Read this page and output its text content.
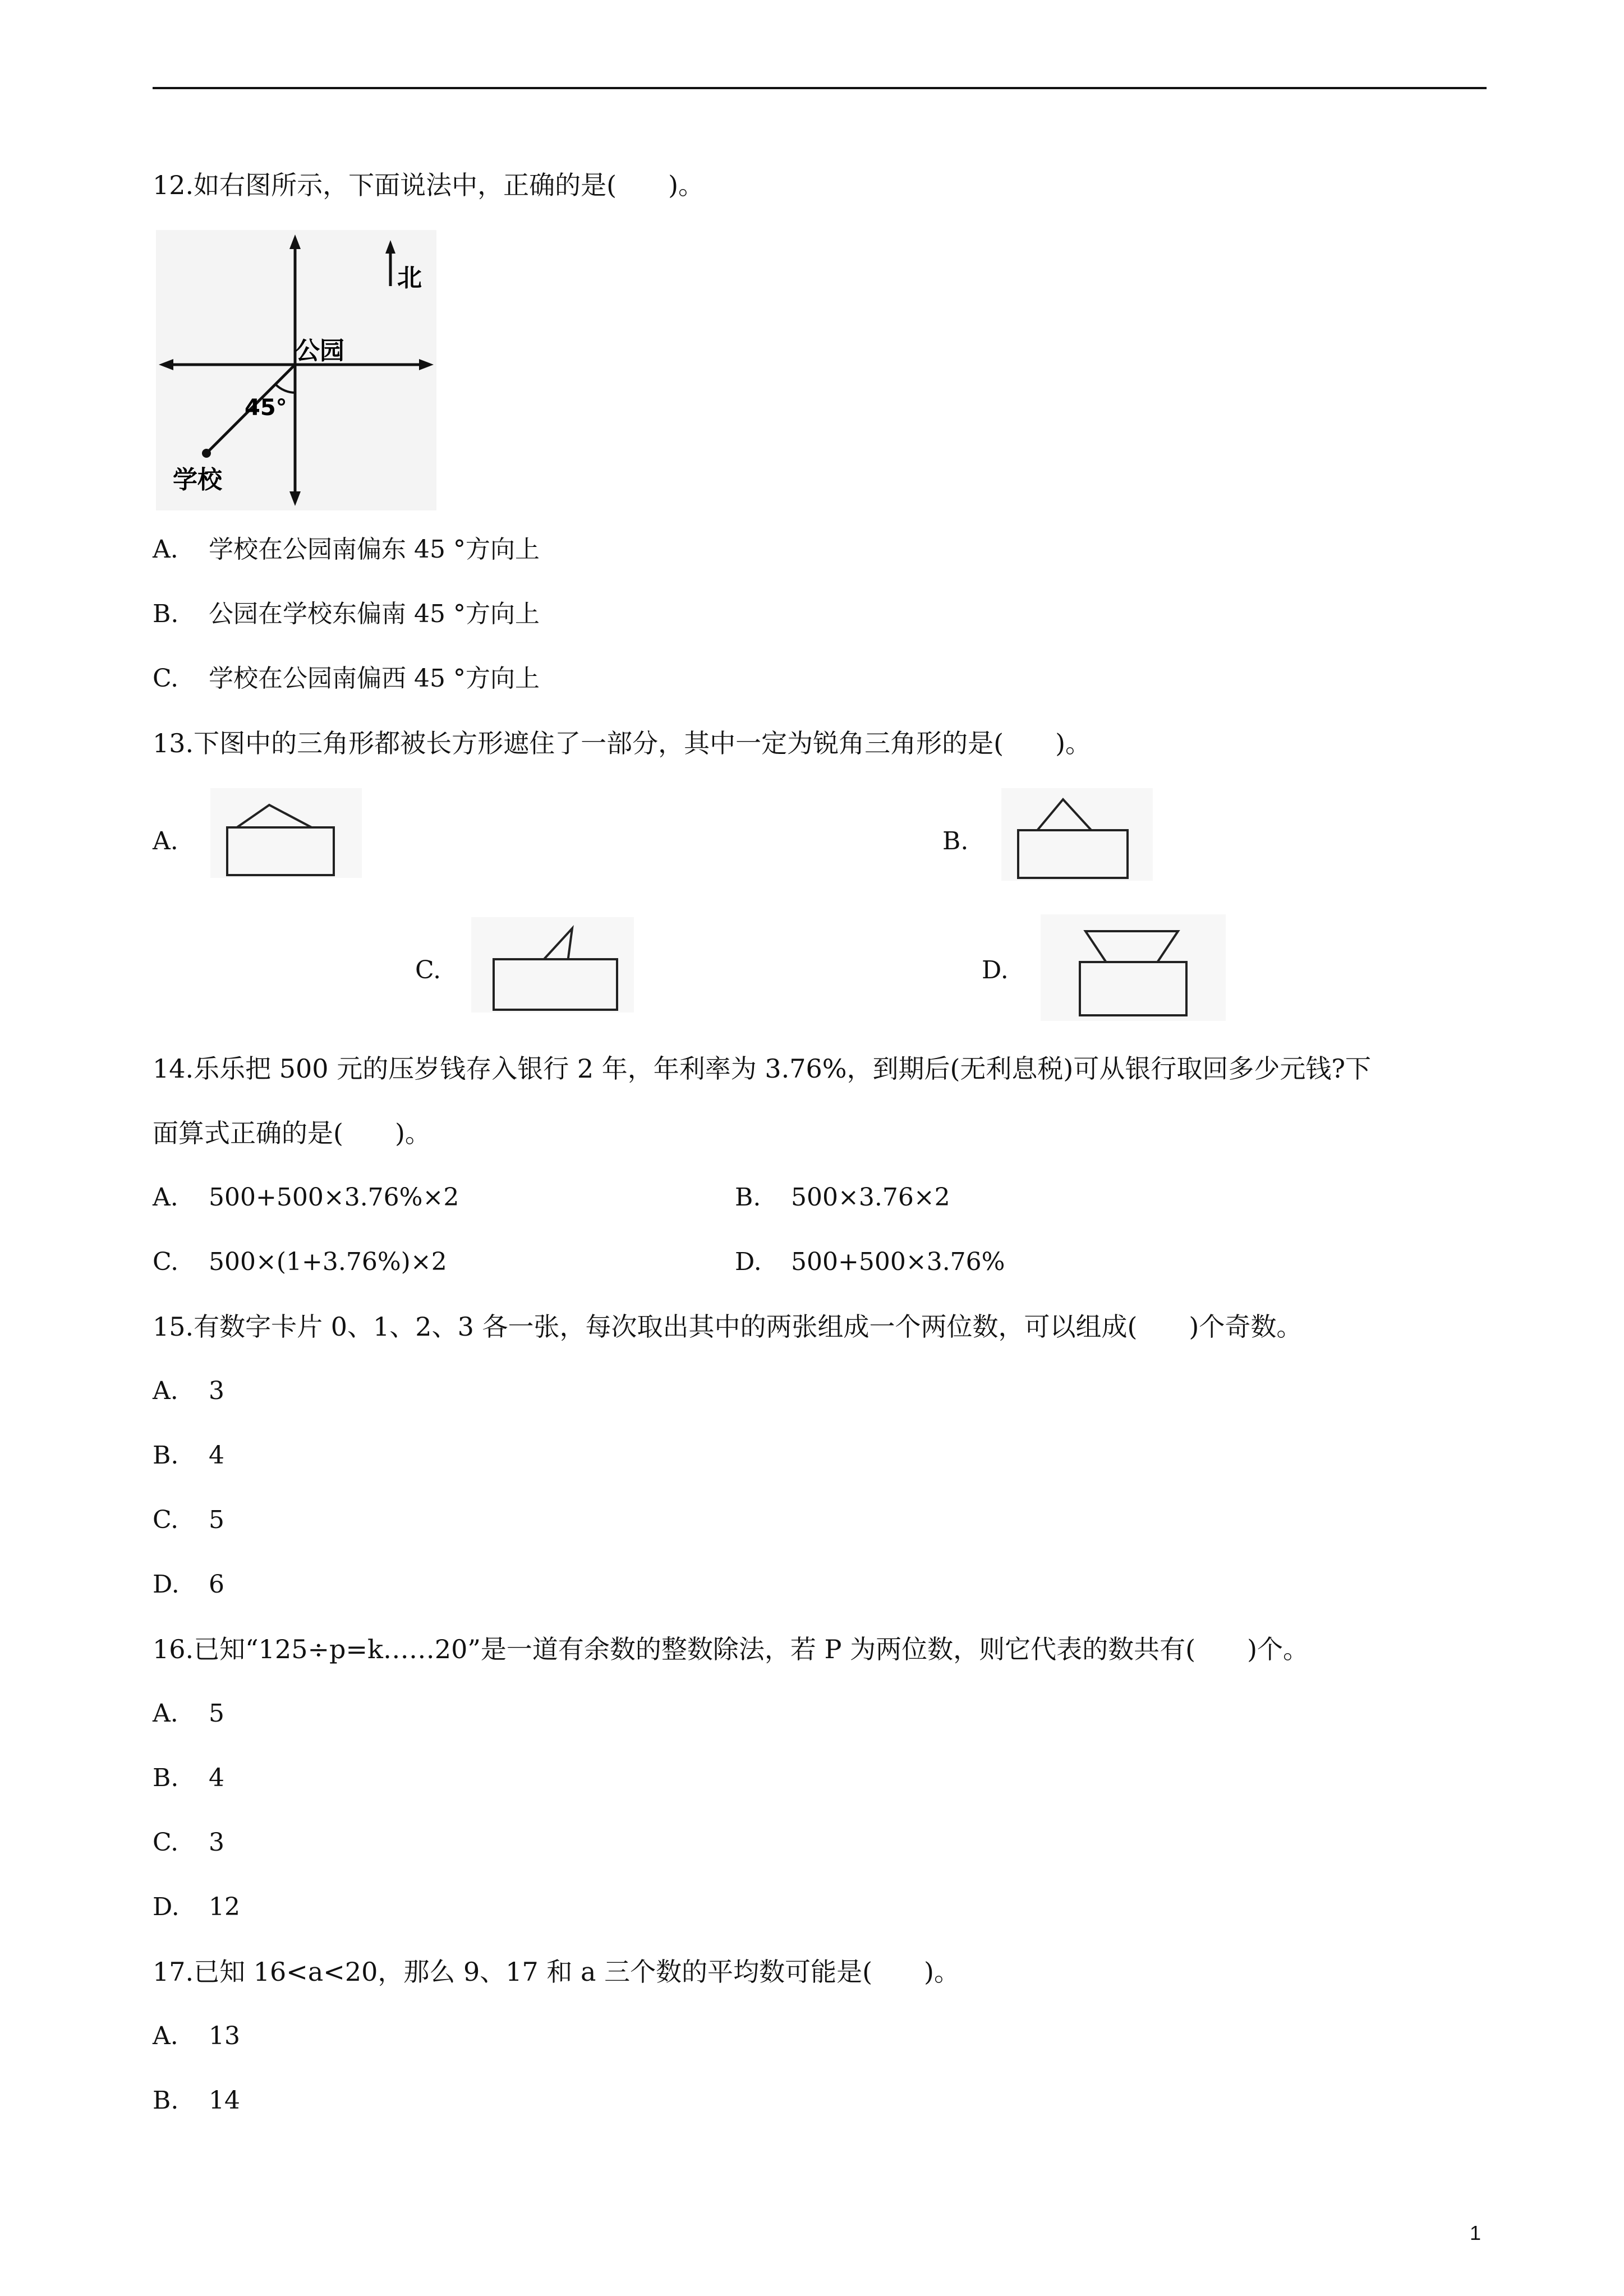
12.如右图所示，下面说法中，正确的是(　　)。
北
公园
45°
学校
A. 学校在公园南偏东 45 °方向上
B. 公园在学校东偏南 45 °方向上
C. 学校在公园南偏西 45 °方向上
13.下图中的三角形都被长方形遮住了一部分，其中一定为锐角三角形的是(　　)。
A.	B.
C.	D.
14.乐乐把 500 元的压岁钱存入银行 2 年，年利率为 3.76%，到期后(无利息税)可从银行取回多少元钱?下
面算式正确的是(　　)。
A. 500+500×3.76%×2	B. 500×3.76×2
C. 500×(1+3.76%)×2	D. 500+500×3.76%
15.有数字卡片 0、1、2、3 各一张，每次取出其中的两张组成一个两位数，可以组成(　　)个奇数。
A. 3
B. 4
C. 5
D. 6
16.已知“125÷p=k……20”是一道有余数的整数除法，若 P 为两位数，则它代表的数共有(　　)个。
A. 5
B. 4
C. 3
D. 12
17.已知 16<a<20，那么 9、17 和 a 三个数的平均数可能是(　　)。
A. 13
B. 14
1
